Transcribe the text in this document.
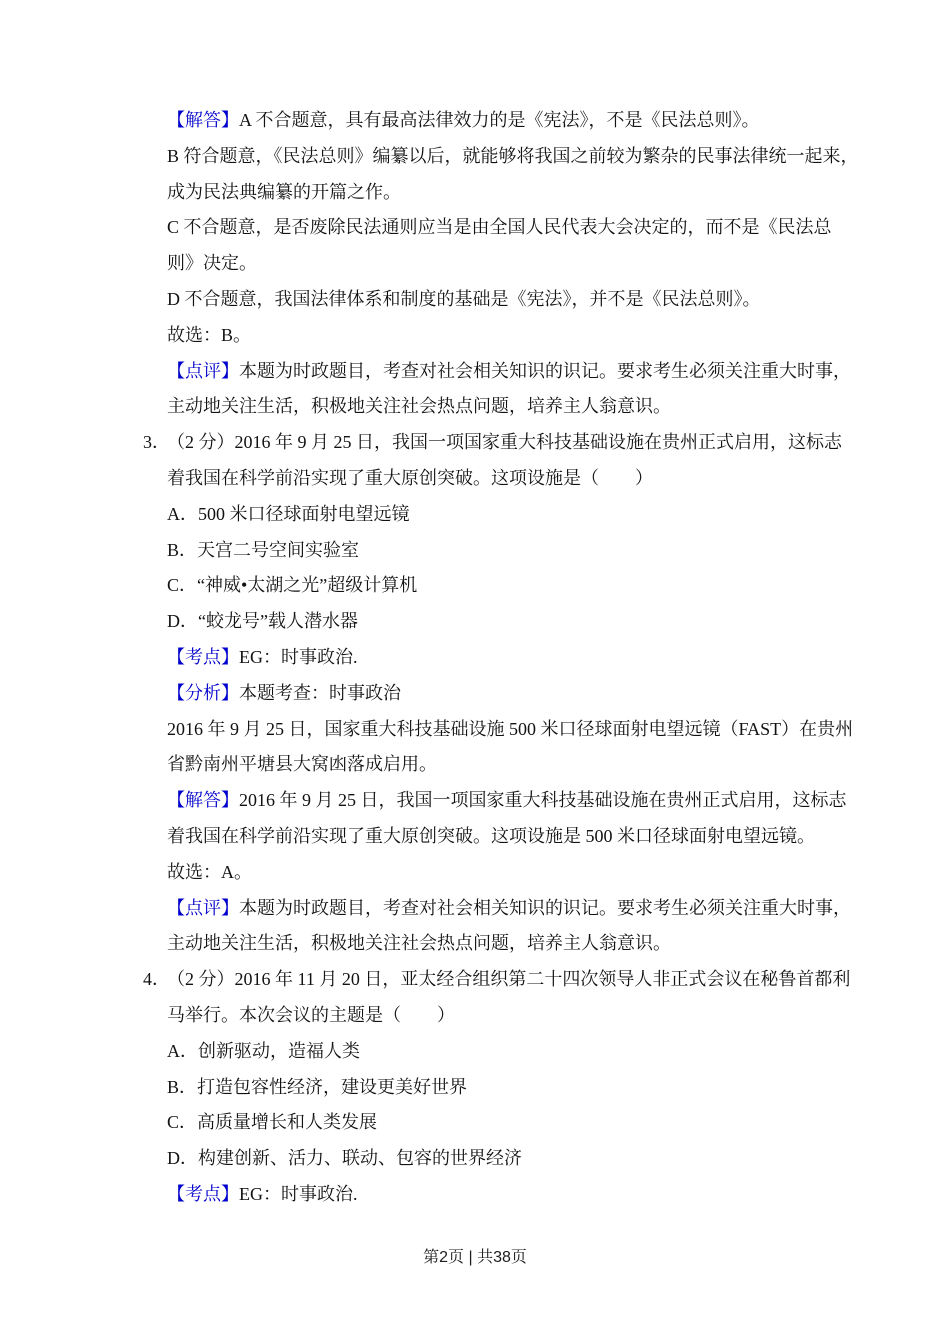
【解答】A 不合题意，具有最高法律效力的是《宪法》，不是《民法总则》。
B 符合题意，《民法总则》编纂以后，就能够将我国之前较为繁杂的民事法律统一起来，
成为民法典编纂的开篇之作。
C 不合题意，是否废除民法通则应当是由全国人民代表大会决定的，而不是《民法总
则》决定。
D 不合题意，我国法律体系和制度的基础是《宪法》，并不是《民法总则》。
故选：B。
【点评】本题为时政题目，考查对社会相关知识的识记。要求考生必须关注重大时事，
主动地关注生活，积极地关注社会热点问题，培养主人翁意识。
3．
（2 分）2016 年 9 月 25 日，我国一项国家重大科技基础设施在贵州正式启用，这标志
着我国在科学前沿实现了重大原创突破。这项设施是（　　）
A．500 米口径球面射电望远镜
B．天宫二号空间实验室
C．“神威•太湖之光”超级计算机
D．“蛟龙号”载人潜水器
【考点】EG：时事政治.
【分析】本题考查：时事政治
2016 年 9 月 25 日，国家重大科技基础设施 500 米口径球面射电望远镜（FAST）在贵州
省黔南州平塘县大窝凼落成启用。
【解答】2016 年 9 月 25 日，我国一项国家重大科技基础设施在贵州正式启用，这标志
着我国在科学前沿实现了重大原创突破。这项设施是 500 米口径球面射电望远镜。
故选：A。
【点评】本题为时政题目，考查对社会相关知识的识记。要求考生必须关注重大时事，
主动地关注生活，积极地关注社会热点问题，培养主人翁意识。
4．
（2 分）2016 年 11 月 20 日，亚太经合组织第二十四次领导人非正式会议在秘鲁首都利
马举行。本次会议的主题是（　　）
A．创新驱动，造福人类
B．打造包容性经济，建设更美好世界
C．高质量增长和人类发展
D．构建创新、活力、联动、包容的世界经济
【考点】EG：时事政治.
第2页 | 共38页
